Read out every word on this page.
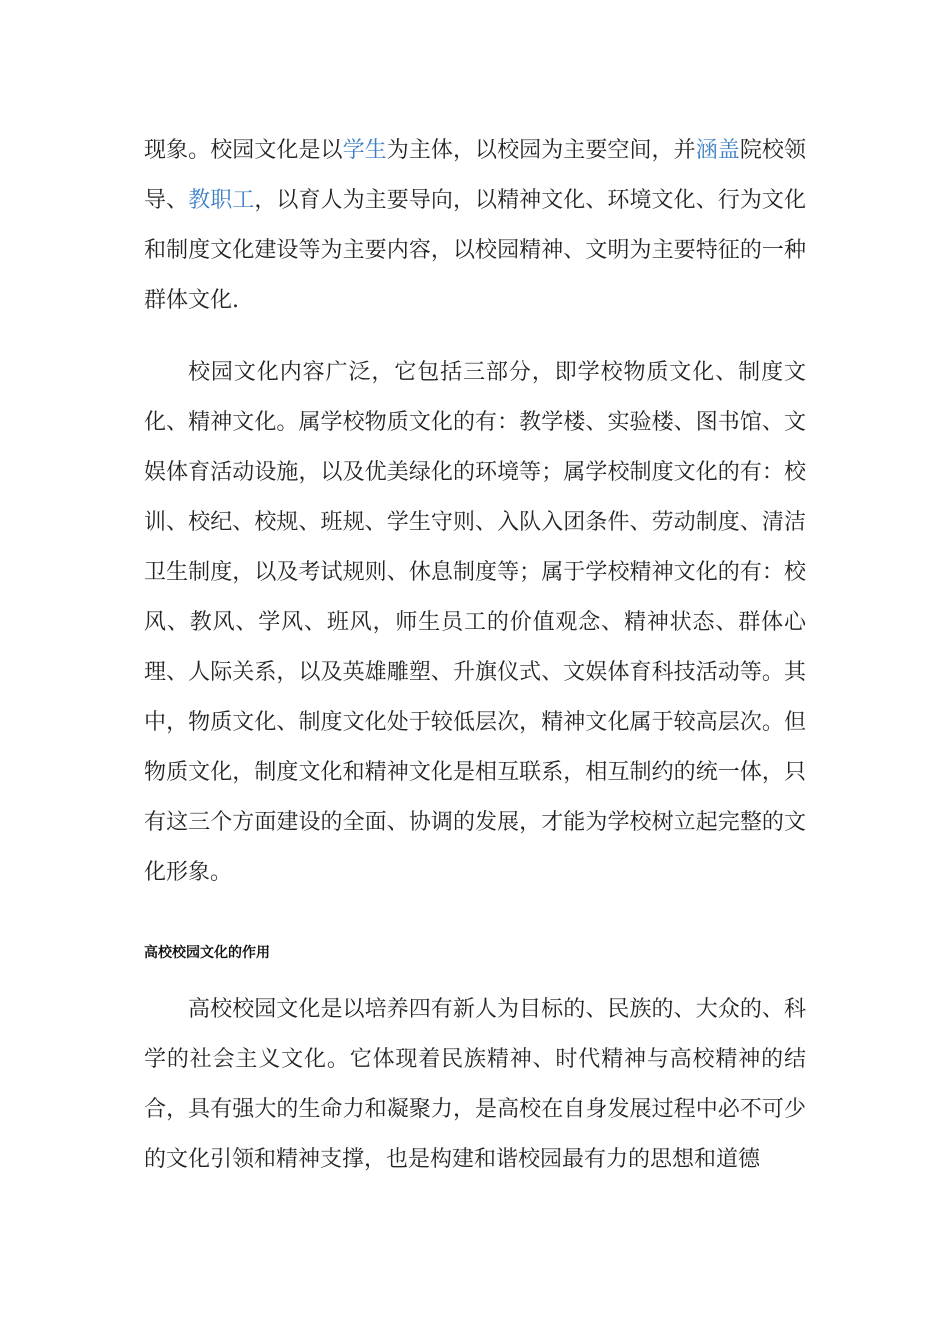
现象。校园文化是以学生为主体，以校园为主要空间，并涵盖院校领导、教职工，以育人为主要导向，以精神文化、环境文化、行为文化和制度文化建设等为主要内容，以校园精神、文明为主要特征的一种群体文化.

校园文化内容广泛，它包括三部分，即学校物质文化、制度文化、精神文化。属学校物质文化的有：教学楼、实验楼、图书馆、文娱体育活动设施，以及优美绿化的环境等；属学校制度文化的有：校训、校纪、校规、班规、学生守则、入队入团条件、劳动制度、清洁卫生制度，以及考试规则、休息制度等；属于学校精神文化的有：校风、教风、学风、班风，师生员工的价值观念、精神状态、群体心理、人际关系，以及英雄雕塑、升旗仪式、文娱体育科技活动等。其中，物质文化、制度文化处于较低层次，精神文化属于较高层次。但物质文化，制度文化和精神文化是相互联系，相互制约的统一体，只有这三个方面建设的全面、协调的发展，才能为学校树立起完整的文化形象。

高校校园文化的作用

高校校园文化是以培养四有新人为目标的、民族的、大众的、科学的社会主义文化。它体现着民族精神、时代精神与高校精神的结合，具有强大的生命力和凝聚力，是高校在自身发展过程中必不可少的文化引领和精神支撑，也是构建和谐校园最有力的思想和道德
